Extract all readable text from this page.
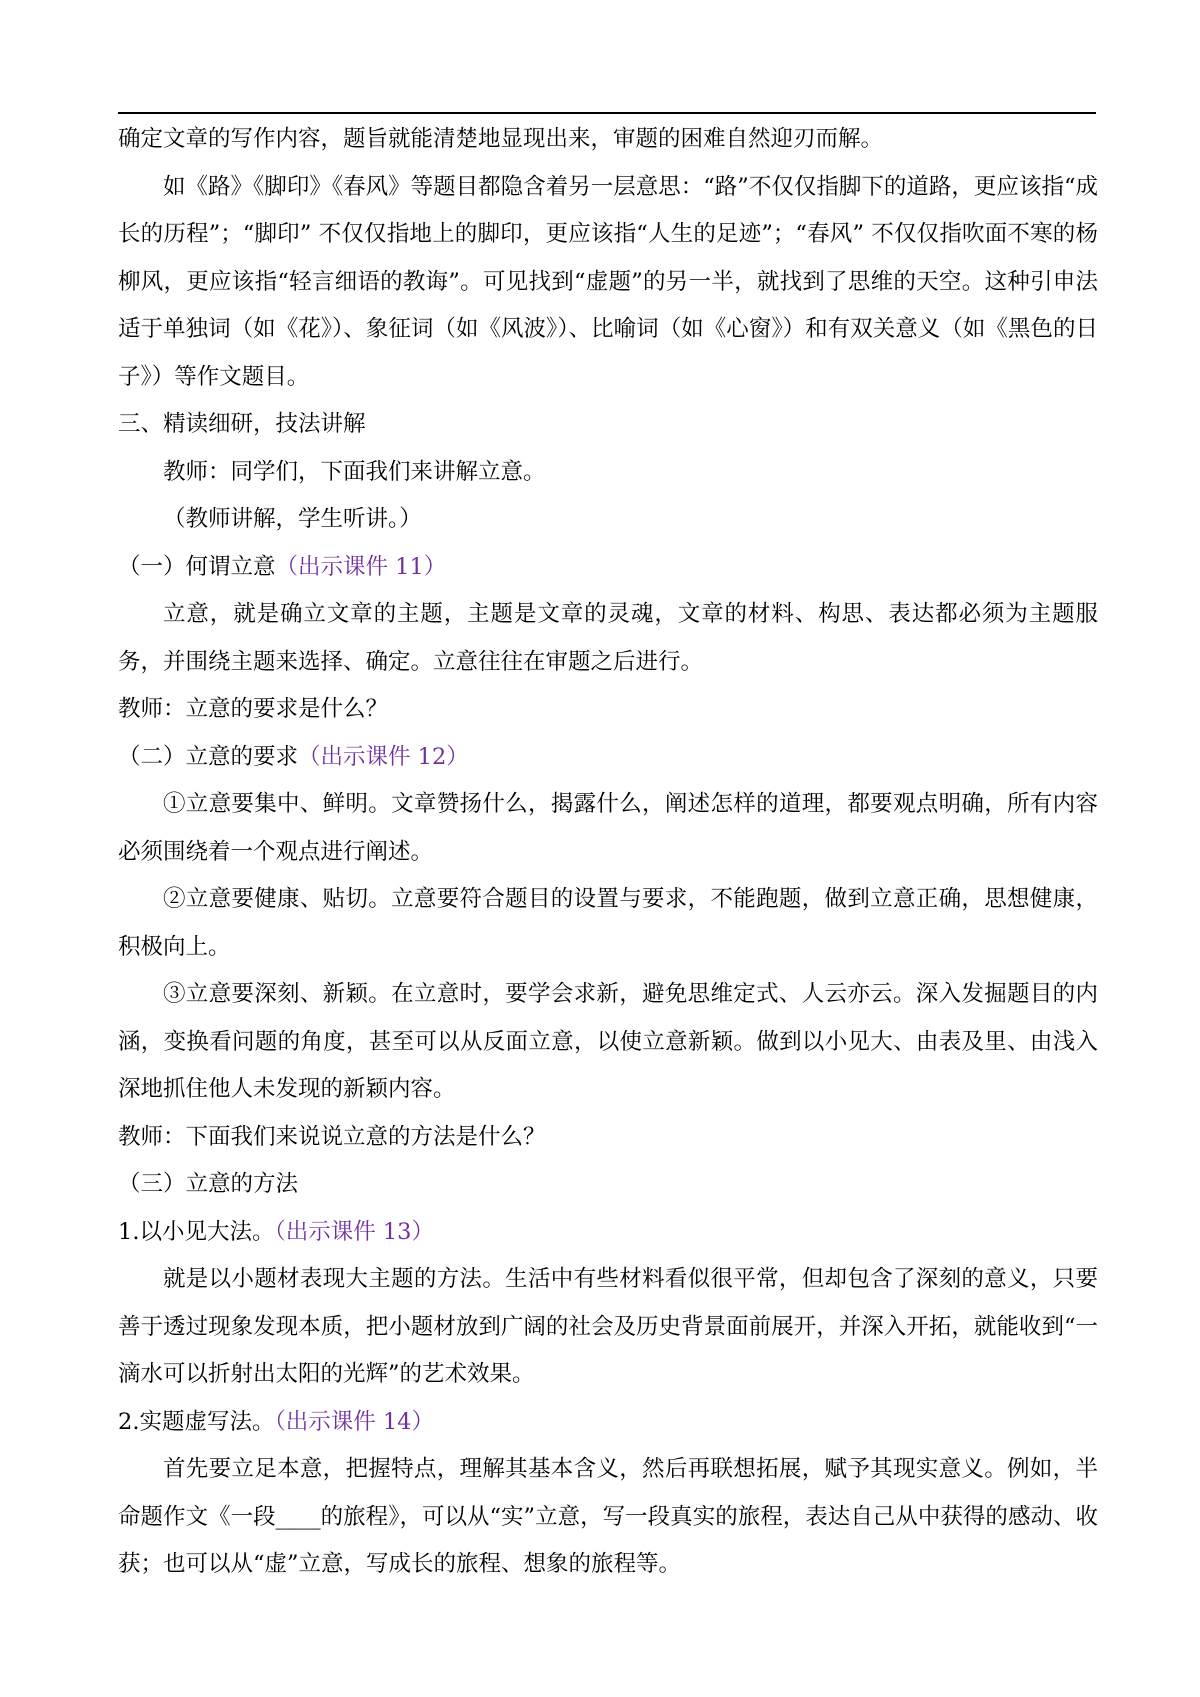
确定文章的写作内容，题旨就能清楚地显现出来，审题的困难自然迎刃而解。

如《路》《脚印》《春风》等题目都隐含着另一层意思：“路”不仅仅指脚下的道路，更应该指“成长的历程”；“脚印” 不仅仅指地上的脚印，更应该指“人生的足迹”；“春风” 不仅仅指吹面不寒的杨柳风，更应该指“轻言细语的教诲”。可见找到“虚题”的另一半，就找到了思维的天空。这种引申法适于单独词（如《花》）、象征词（如《风波》）、比喻词（如《心窗》）和有双关意义（如《黑色的日子》）等作文题目。

三、精读细研，技法讲解

教师：同学们，下面我们来讲解立意。

（教师讲解，学生听讲。）

（一）何谓立意（出示课件 11）

立意，就是确立文章的主题，主题是文章的灵魂，文章的材料、构思、表达都必须为主题服务，并围绕主题来选择、确定。立意往往在审题之后进行。

教师：立意的要求是什么？

（二）立意的要求（出示课件 12）

①立意要集中、鲜明。文章赞扬什么，揭露什么，阐述怎样的道理，都要观点明确，所有内容必须围绕着一个观点进行阐述。

②立意要健康、贴切。立意要符合题目的设置与要求，不能跑题，做到立意正确，思想健康，积极向上。

③立意要深刻、新颖。在立意时，要学会求新，避免思维定式、人云亦云。深入发掘题目的内涵，变换看问题的角度，甚至可以从反面立意，以使立意新颖。做到以小见大、由表及里、由浅入深地抓住他人未发现的新颖内容。

教师：下面我们来说说立意的方法是什么？

（三）立意的方法

1.以小见大法。（出示课件 13）

就是以小题材表现大主题的方法。生活中有些材料看似很平常，但却包含了深刻的意义，只要善于透过现象发现本质，把小题材放到广阔的社会及历史背景面前展开，并深入开拓，就能收到“一滴水可以折射出太阳的光辉”的艺术效果。

2.实题虚写法。（出示课件 14）

首先要立足本意，把握特点，理解其基本含义，然后再联想拓展，赋予其现实意义。例如，半命题作文《一段____的旅程》，可以从“实”立意，写一段真实的旅程，表达自己从中获得的感动、收获；也可以从“虚”立意，写成长的旅程、想象的旅程等。
